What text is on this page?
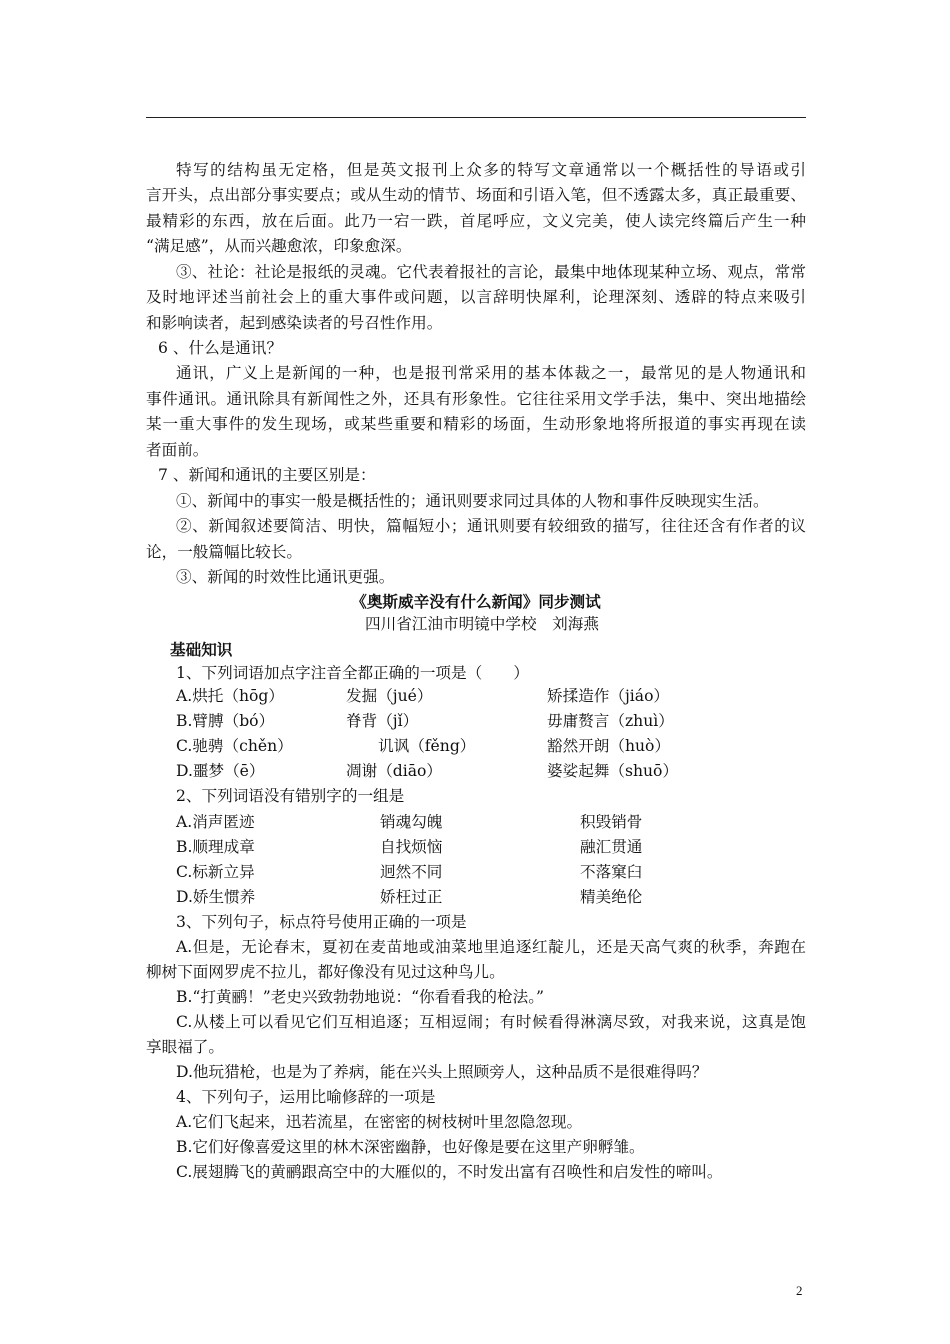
特写的结构虽无定格，但是英文报刊上众多的特写文章通常以一个概括性的导语或引
言开头，点出部分事实要点；或从生动的情节、场面和引语入笔，但不透露太多，真正最重要、
最精彩的东西，放在后面。此乃一宕一跌，首尾呼应，文义完美，使人读完终篇后产生一种
“满足感”，从而兴趣愈浓，印象愈深。
③、社论：社论是报纸的灵魂。它代表着报社的言论，最集中地体现某种立场、观点，常常
及时地评述当前社会上的重大事件或问题，以言辞明快犀利，论理深刻、透辟的特点来吸引
和影响读者，起到感染读者的号召性作用。
6 、什么是通讯？
通讯，广义上是新闻的一种，也是报刊常采用的基本体裁之一，最常见的是人物通讯和
事件通讯。通讯除具有新闻性之外，还具有形象性。它往往采用文学手法，集中、突出地描绘
某一重大事件的发生现场，或某些重要和精彩的场面，生动形象地将所报道的事实再现在读
者面前。
7 、新闻和通讯的主要区别是：
①、新闻中的事实一般是概括性的；通讯则要求同过具体的人物和事件反映现实生活。
②、新闻叙述要简洁、明快，篇幅短小；通讯则要有较细致的描写，往往还含有作者的议
论，一般篇幅比较长。
③、新闻的时效性比通讯更强。
《奥斯威辛没有什么新闻》同步测试
四川省江油市明镜中学校　刘海燕
基础知识
1、下列词语加点字注音全都正确的一项是（　　）
A.烘托（hōg）	发掘（jué）	矫揉造作（jiáo）
B.臂膊（bó）	脊背（jǐ）	毋庸赘言（zhuì）
C.驰骋（chěn）	讥讽（fěng）	豁然开朗（huò）
D.噩梦（ē）	凋谢（diāo）	婆娑起舞（shuō）
2、下列词语没有错别字的一组是
A.消声匿迹	销魂勾魄	积毁销骨
B.顺理成章	自找烦恼	融汇贯通
C.标新立异	迥然不同	不落窠臼
D.娇生惯养	娇枉过正	精美绝伦
3、下列句子，标点符号使用正确的一项是
A.但是，无论春末，夏初在麦苗地或油菜地里追逐红靛儿，还是天高气爽的秋季，奔跑在
柳树下面网罗虎不拉儿，都好像没有见过这种鸟儿。
B.“打黄鹂！”老史兴致勃勃地说：“你看看我的枪法。”
C.从楼上可以看见它们互相追逐；互相逗闹；有时候看得淋漓尽致，对我来说，这真是饱
享眼福了。
D.他玩猎枪，也是为了养病，能在兴头上照顾旁人，这种品质不是很难得吗？
4、下列句子，运用比喻修辞的一项是
A.它们飞起来，迅若流星，在密密的树枝树叶里忽隐忽现。
B.它们好像喜爱这里的林木深密幽静，也好像是要在这里产卵孵雏。
C.展翅腾飞的黄鹂跟高空中的大雁似的，不时发出富有召唤性和启发性的啼叫。
2
